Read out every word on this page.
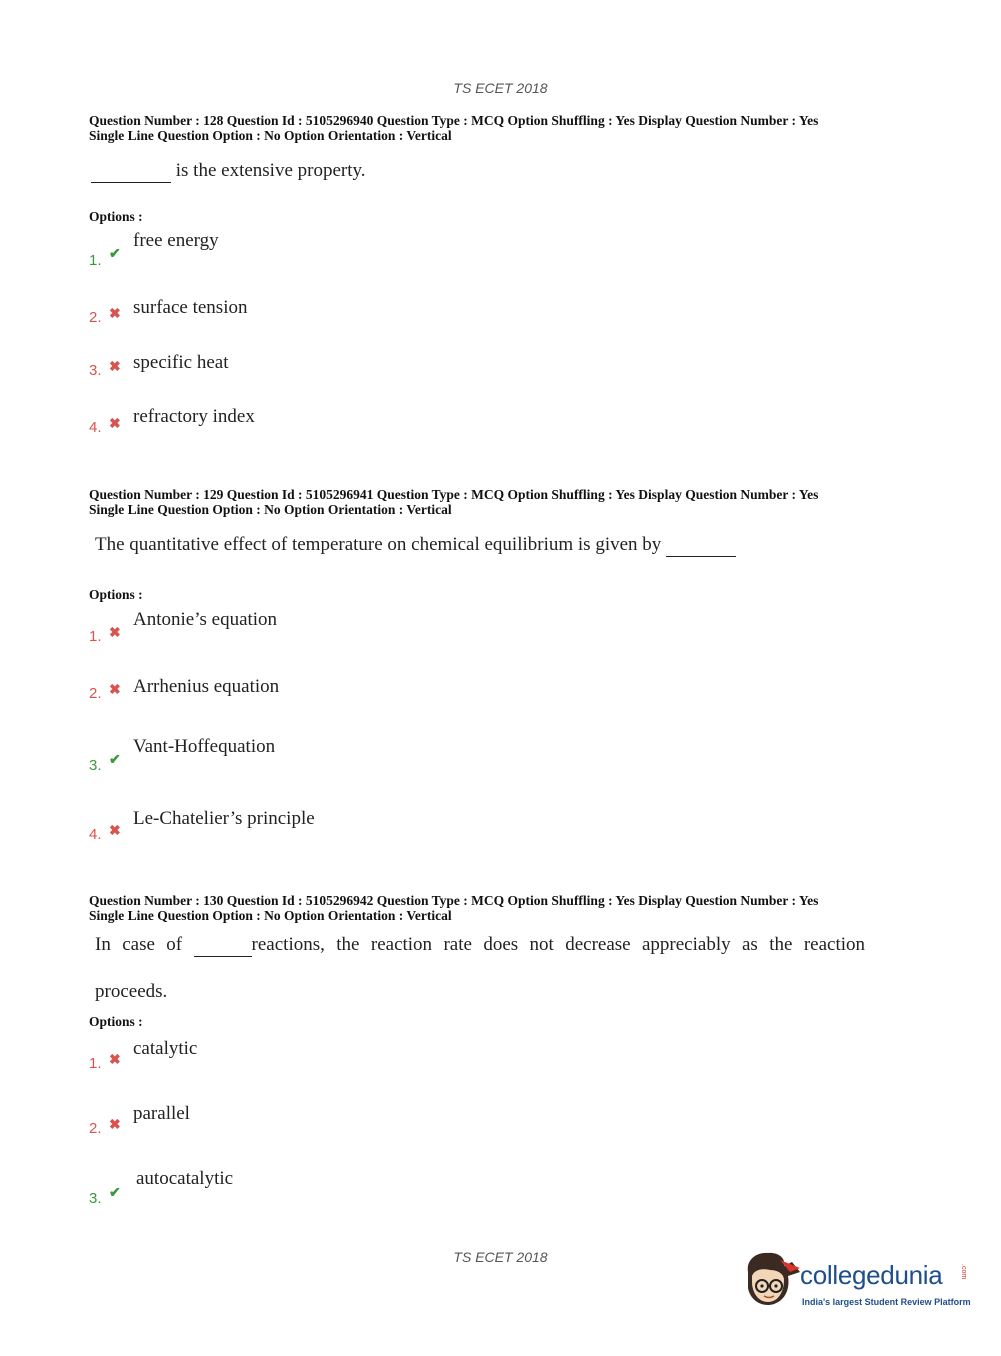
TS ECET 2018
Question Number : 128 Question Id : 5105296940 Question Type : MCQ Option Shuffling : Yes Display Question Number : Yes
Single Line Question Option : No Option Orientation : Vertical
is the extensive property.
Options :
1. ✔
free energy
2. ✖ surface tension
3. ✖ specific heat
4. ✖ refractory index
Question Number : 129 Question Id : 5105296941 Question Type : MCQ Option Shuffling : Yes Display Question Number : Yes
Single Line Question Option : No Option Orientation : Vertical
The quantitative effect of temperature on chemical equilibrium is given by
Options :
1. ✖
Antonie’s equation
2. ✖ Arrhenius equation
3. ✔
Vant-Hoffequation
4. ✖
Le-Chatelier’s principle
Question Number : 130 Question Id : 5105296942 Question Type : MCQ Option Shuffling : Yes Display Question Number : Yes
Single Line Question Option : No Option Orientation : Vertical
In case of	reactions, the reaction rate does not decrease appreciably as the reaction
proceeds.
Options :
1. ✖
catalytic
2. ✖
parallel
3. ✔
autocatalytic
TS ECET 2018
collegedunia	.com
India's largest Student Review Platform
